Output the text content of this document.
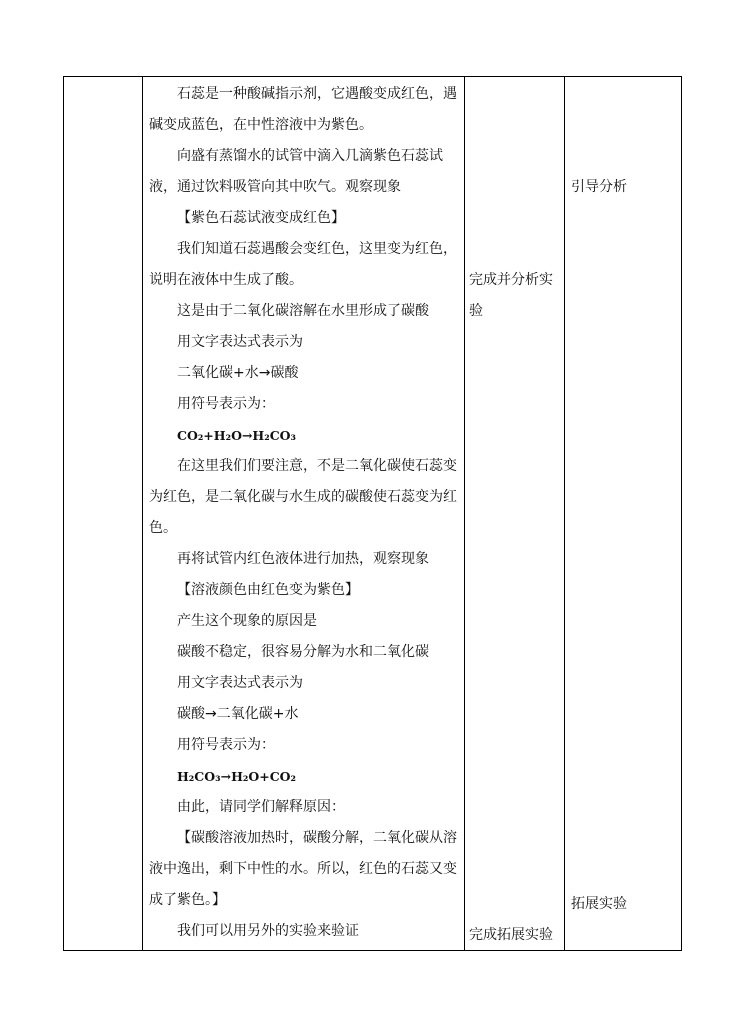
石蕊是一种酸碱指示剂，它遇酸变成红色，遇碱变成蓝色，在中性溶液中为紫色。

向盛有蒸馏水的试管中滴入几滴紫色石蕊试液，通过饮料吸管向其中吹气。观察现象

【紫色石蕊试液变成红色】

我们知道石蕊遇酸会变红色，这里变为红色，说明在液体中生成了酸。

这是由于二氧化碳溶解在水里形成了碳酸

用文字表达式表示为

二氧化碳+水→碳酸

用符号表示为：

CO₂+H₂O→H₂CO₃

在这里我们们要注意，不是二氧化碳使石蕊变为红色，是二氧化碳与水生成的碳酸使石蕊变为红色。

再将试管内红色液体进行加热，观察现象

【溶液颜色由红色变为紫色】

产生这个现象的原因是

碳酸不稳定，很容易分解为水和二氧化碳

用文字表达式表示为

碳酸→二氧化碳+水

用符号表示为：

H₂CO₃→H₂O+CO₂

由此，请同学们解释原因：

【碳酸溶液加热时，碳酸分解，二氧化碳从溶液中逸出，剩下中性的水。所以，红色的石蕊又变成了紫色。】

我们可以用另外的实验来验证

完成并分析实验
完成拓展实验
引导分析
拓展实验
